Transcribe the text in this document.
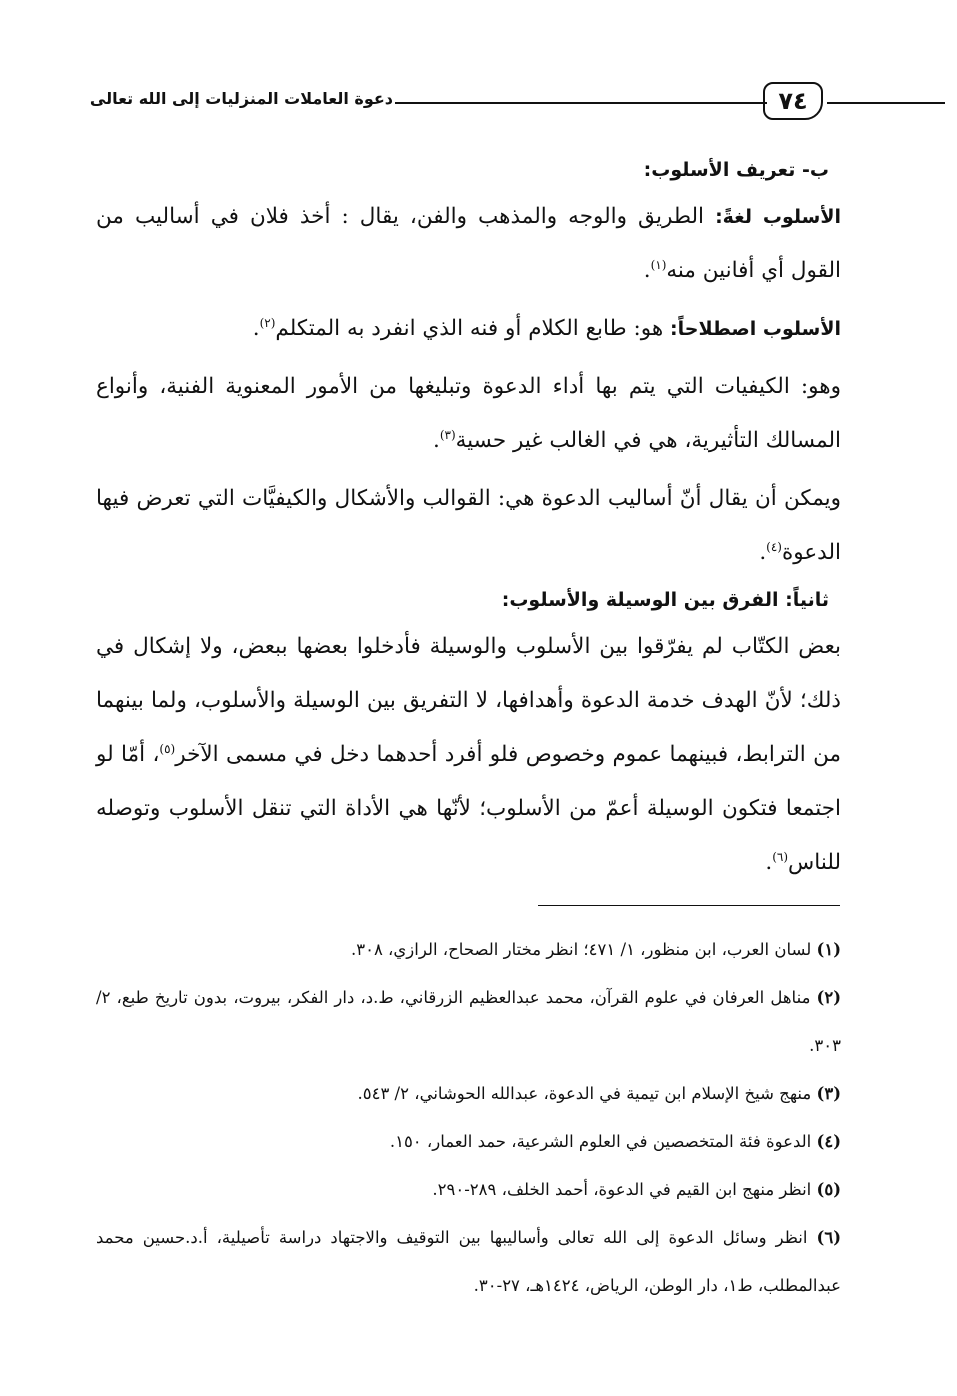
دعوة العاملات المنزليات إلى الله تعالى	٧٤

ب- تعريف الأسلوب:

الأسلوب لغةً: الطريق والوجه والمذهب والفن، يقال : أخذ فلان في أساليب من القول أي أفانين منه$^{(١)}$.

الأسلوب اصطلاحاً: هو: طابع الكلام أو فنه الذي انفرد به المتكلم$^{(٢)}$.

وهو: الكيفيات التي يتم بها أداء الدعوة وتبليغها من الأمور المعنوية الفنية، وأنواع المسالك التأثيرية، هي في الغالب غير حسية$^{(٣)}$.

ويمكن أن يقال أنّ أساليب الدعوة هي: القوالب والأشكال والكيفيَّات التي تعرض فيها الدعوة$^{(٤)}$.

ثانياً: الفرق بين الوسيلة والأسلوب:

بعض الكتّاب لم يفرّقوا بين الأسلوب والوسيلة فأدخلوا بعضها ببعض، ولا إشكال في ذلك؛ لأنّ الهدف خدمة الدعوة وأهدافها، لا التفريق بين الوسيلة والأسلوب، ولما بينهما من الترابط، فبينهما عموم وخصوص فلو أفرد أحدهما دخل في مسمى الآخر$^{(٥)}$، أمّا لو اجتمعا فتكون الوسيلة أعمّ من الأسلوب؛ لأنّها هي الأداة التي تنقل الأسلوب وتوصله للناس$^{(٦)}$.

(١) لسان العرب، ابن منظور، ١/ ٤٧١؛ انظر مختار الصحاح، الرازي، ٣٠٨.

(٢) مناهل العرفان في علوم القرآن، محمد عبدالعظيم الزرقاني، ط.د، دار الفكر، بيروت، بدون تاريخ طبع، ٢/ ٣٠٣.

(٣) منهج شيخ الإسلام ابن تيمية في الدعوة، عبدالله الحوشاني، ٢/ ٥٤٣.

(٤) الدعوة فئة المتخصصين في العلوم الشرعية، حمد العمار، ١٥٠.

(٥) انظر منهج ابن القيم في الدعوة، أحمد الخلف، ٢٨٩-٢٩٠.

(٦) انظر وسائل الدعوة إلى الله تعالى وأساليبها بين التوقيف والاجتهاد دراسة تأصيلية، أ.د.حسين محمد عبدالمطلب، ط١، دار الوطن، الرياض، ١٤٢٤هـ، ٢٧-٣٠.
